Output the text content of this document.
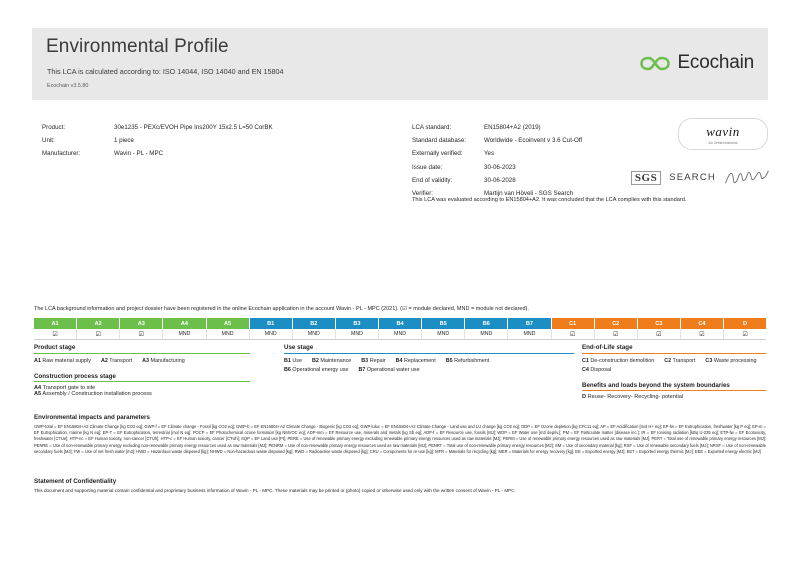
Environmental Profile
This LCA is calculated according to: ISO 14044, ISO 14040 and EN 15804
Ecochain v3.5.80
Ecochain
Product:	30e1235 - PEXc/EVOH Pipe Ins200Y 15x2.5 L=50 CorBK
Unit:	1 piece
Manufacturer:	Wavin - PL - MPC
LCA standard:	EN15804+A2 (2019)
Standard database:	Worldwide - Ecoinvent v 3.6 Cut-Off
Externally verified:	Yes
Issue date:	30-06-2023
End of validity:	30-06-2028
Verifier:	Martijn van Höveli - SGS Search
This LCA was evaluated according to EN15804+A2. It was concluded that the LCA complies with this standard.
wavin
An Orbia business
SGS	SEARCH
The LCA background information and project dossier have been registered in the online Ecochain application in the account Wavin - PL - MPC (2021). (☑ = module declared, MND = module not declared).
A1	A2	A3	A4	A5	B1	B2	B3	B4	B5	B6	B7	C1	C2	C3	C4	D
☑	☑	☑	MND	MND	MND	MND	MND	MND	MND	MND	MND	☑	☑	☑	☑	☑
Product stage
A1 Raw material supply A2 Transport A3 Manufacturing
Construction process stage
A4 Transport gate to site
A5 Assembly / Construction installation process
Use stage
B1 Use B2 Maintenance B3 Repair B4 Replacement B5 Refurbishment
B6 Operational energy use B7 Operational water use
End-of-Life stage
C1 De-construction demolition C2 Transport C3 Waste processing
C4 Disposal
Benefits and loads beyond the system boundaries
D Reuse- Recovery- Recycling- potential
Environmental impacts and parameters

GWP-total = EF EN15804+A2 Climate Change [kg CO2 eq]; GWP-f = EF Climate change - Fossil [kg CO2 eq]; GWP-b = EF EN15804+A2 Climate Change - Biogenic [kg CO2 eq]; GWP-luluc = EF EN15804+A2 Climate Change - Land use and LU change [kg CO2 eq]; ODP = EF Ozone depletion [kg CFC11 eq]; AP = EF Acidification [mol H+ eq]; EP-fw = EF Eutrophication, freshwater [kg P eq]; EP-m = EF Eutrophication, marine [kg N eq]; EP-T = EF Eutrophication, terrestrial [mol N eq]; POCP = EF Photochemical ozone formation [kg NMVOC eq]; ADP-mm = EF Resource use, minerals and metals [kg Sb eq]; ADP-f = EF Resource use, fossils [MJ]; WDP = EF Water use [m3 depriv.]; PM = EF Particulate matter [disease inc.]; IR = EF Ionising radiation [kBq U-235 eq]; ETP-fw = EF Ecotoxicity, freshwater [CTUe]; HTP-nc = EF Human toxicity, non-cancer [CTUh]; HTP-c = EF Human toxicity, cancer [CTUh]; SQP = EF Land use [Pt]; PERE = Use of renewable primary energy excluding renewable primary energy resources used as raw materials [MJ]; PERM = Use of renewable primary energy resources used as raw materials [MJ]; PERT = Total use of renewable primary energy resources [MJ]; PENRE = Use of non-renewable primary energy excluding non-renewable primary energy resources used as raw materials [MJ]; PENRM = Use of non-renewable primary energy resources used as raw materials [MJ]; PENRT = Total use of non-renewable primary energy resources [MJ]; SM = Use of secondary material [kg]; RSF = Use of renewable secondary fuels [MJ]; NRSF = Use of non-renewable secondary fuels [MJ]; FW = Use of net fresh water [m3]; HWD = Hazardous waste disposed [kg]; NHWD = Non-hazardous waste disposed [kg]; RWD = Radioactive waste disposed [kg]; CRU = Components for re-use [kg]; MFR = Materials for recycling [kg]; MER = Materials for energy recovery [kg]; EE = Exported energy [MJ]; EET = Exported energy thermic [MJ]; EEE = Exported energy electric [MJ]

Statement of Confidentiality

This document and supporting material contain confidential and proprietary business information of Wavin - PL - MPC. These materials may be printed or (photo) copied or otherwise used only with the written consent of Wavin - PL - MPC.
